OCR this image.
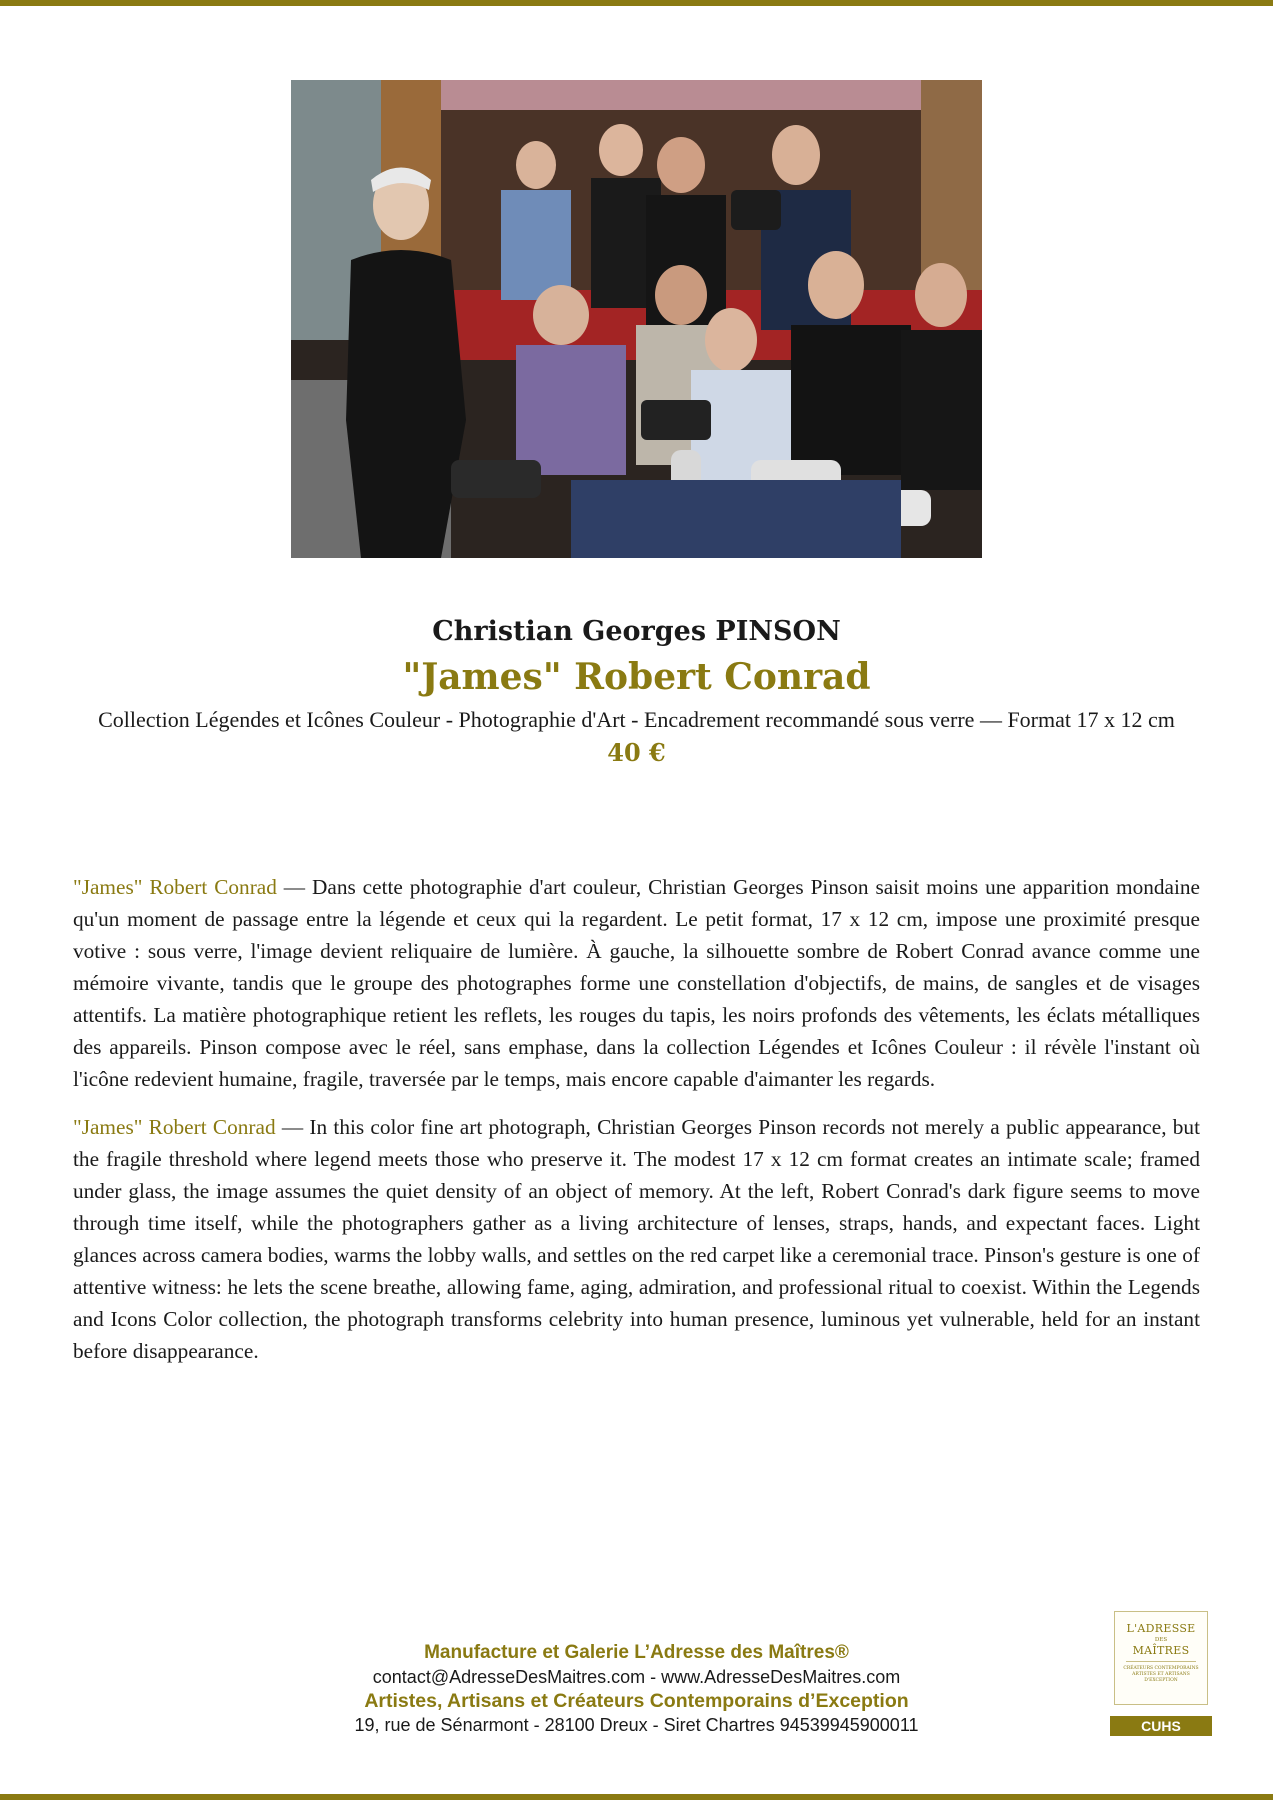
Christian Georges PINSON
"James" Robert Conrad
Collection Légendes et Icônes Couleur - Photographie d'Art - Encadrement recommandé sous verre — Format 17 x 12 cm
40 €

"James" Robert Conrad — Dans cette photographie d'art couleur, Christian Georges Pinson saisit moins une apparition mondaine qu'un moment de passage entre la légende et ceux qui la regardent. Le petit format, 17 x 12 cm, impose une proximité presque votive : sous verre, l'image devient reliquaire de lumière. À gauche, la silhouette sombre de Robert Conrad avance comme une mémoire vivante, tandis que le groupe des photographes forme une constellation d'objectifs, de mains, de sangles et de visages attentifs. La matière photographique retient les reflets, les rouges du tapis, les noirs profonds des vêtements, les éclats métalliques des appareils. Pinson compose avec le réel, sans emphase, dans la collection Légendes et Icônes Couleur : il révèle l'instant où l'icône redevient humaine, fragile, traversée par le temps, mais encore capable d'aimanter les regards.

"James" Robert Conrad — In this color fine art photograph, Christian Georges Pinson records not merely a public appearance, but the fragile threshold where legend meets those who preserve it. The modest 17 x 12 cm format creates an intimate scale; framed under glass, the image assumes the quiet density of an object of memory. At the left, Robert Conrad's dark figure seems to move through time itself, while the photographers gather as a living architecture of lenses, straps, hands, and expectant faces. Light glances across camera bodies, warms the lobby walls, and settles on the red carpet like a ceremonial trace. Pinson's gesture is one of attentive witness: he lets the scene breathe, allowing fame, aging, admiration, and professional ritual to coexist. Within the Legends and Icons Color collection, the photograph transforms celebrity into human presence, luminous yet vulnerable, held for an instant before disappearance.

Manufacture et Galerie L’Adresse des Maîtres®
contact@AdresseDesMaitres.com - www.AdresseDesMaitres.com
Artistes, Artisans et Créateurs Contemporains d’Exception
19, rue de Sénarmont - 28100 Dreux - Siret Chartres 94539945900011
L'ADRESSE
DES
MAÎTRES
CRÉATEURS CONTEMPORAINS ARTISTES ET ARTISANS D'EXCEPTION
CUHS
